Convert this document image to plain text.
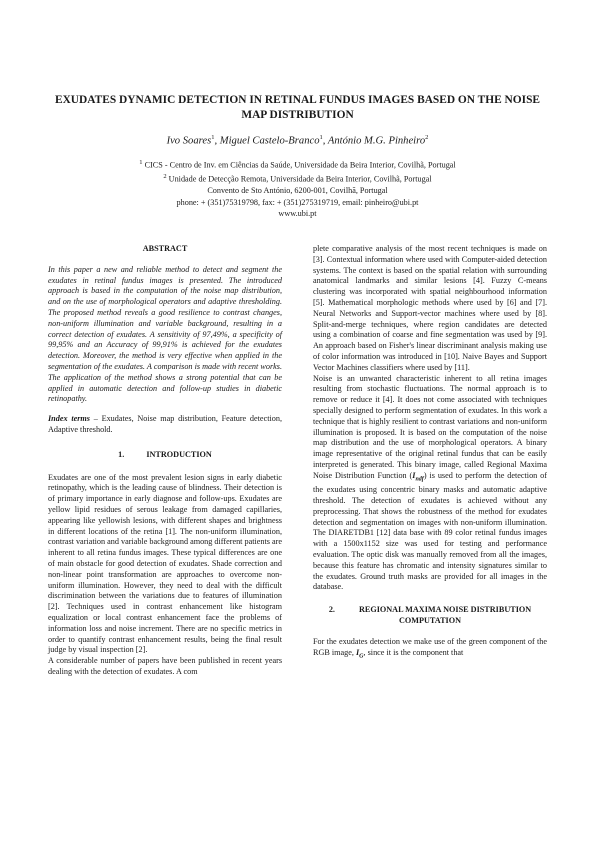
EXUDATES DYNAMIC DETECTION IN RETINAL FUNDUS IMAGES BASED ON THE NOISE MAP DISTRIBUTION
Ivo Soares$^1$, Miguel Castelo-Branco$^1$, António M.G. Pinheiro$^2$
$^1$ CICS - Centro de Inv. em Ciências da Saúde, Universidade da Beira Interior, Covilhã, Portugal
$^2$ Unidade de Detecção Remota, Universidade da Beira Interior, Covilhã, Portugal
Convento de Sto António, 6200-001, Covilhã, Portugal
phone: + (351)75319798, fax: + (351)275319719, email: pinheiro@ubi.pt
www.ubi.pt
ABSTRACT

In this paper a new and reliable method to detect and segment the exudates in retinal fundus images is presented. The introduced approach is based in the computation of the noise map distribution, and on the use of morphological operators and adaptive thresholding. The proposed method reveals a good resilience to contrast changes, non-uniform illumination and variable background, resulting in a correct detection of exudates. A sensitivity of 97,49%, a specificity of 99,95% and an Accuracy of 99,91% is achieved for the exudates detection. Moreover, the method is very effective when applied in the segmentation of the exudates. A comparison is made with recent works. The application of the method shows a strong potential that can be applied in automatic detection and follow-up studies in diabetic retinopathy.

Index terms – Exudates, Noise map distribution, Feature detection, Adaptive threshold.

1.	INTRODUCTION

Exudates are one of the most prevalent lesion signs in early diabetic retinopathy, which is the leading cause of blindness. Their detection is of primary importance in early diagnose and follow-ups. Exudates are yellow lipid residues of serous leakage from damaged capillaries, appearing like yellowish lesions, with different shapes and brightness in different locations of the retina [1]. The non-uniform illumination, contrast variation and variable background among different patients are inherent to all retina fundus images. These typical differences are one of main obstacle for good detection of exudates. Shade correction and non-linear point transformation are approaches to overcome non-uniform illumination. However, they need to deal with the difficult discrimination between the variations due to features of illumination [2]. Techniques used in contrast enhancement like histogram equalization or local contrast enhancement face the problems of information loss and noise increment. There are no specific metrics in order to quantify contrast enhancement results, being the final result judge by visual inspection [2].

A considerable number of papers have been published in recent years dealing with the detection of exudates. A com

plete comparative analysis of the most recent techniques is made on [3]. Contextual information where used with Computer-aided detection systems. The context is based on the spatial relation with surrounding anatomical landmarks and similar lesions [4]. Fuzzy C-means clustering was incorporated with spatial neighbourhood information [5]. Mathematical morphologic methods where used by [6] and [7]. Neural Networks and Support-vector machines where used by [8]. Split-and-merge techniques, where region candidates are detected using a combination of coarse and fine segmentation was used by [9]. An approach based on Fisher's linear discriminant analysis making use of color information was introduced in [10]. Naive Bayes and Support Vector Machines classifiers where used by [11].

Noise is an unwanted characteristic inherent to all retina images resulting from stochastic fluctuations. The normal approach is to remove or reduce it [4]. It does not come associated with techniques specially designed to perform segmentation of exudates. In this work a technique that is highly resilient to contrast variations and non-uniform illumination is proposed. It is based on the computation of the noise map distribution and the use of morphological operators. A binary image representative of the original retinal fundus that can be easily interpreted is generated. This binary image, called Regional Maxima Noise Distribution Function $(I_{ndf})$ is used to perform the detection of the exudates using concentric binary masks and automatic adaptive threshold. The detection of exudates is achieved without any preprocessing. That shows the robustness of the method for exudates detection and segmentation on images with non-uniform illumination. The DIARETDB1 [12] data base with 89 color retinal fundus images with a 1500x1152 size was used for testing and performance evaluation. The optic disk was manually removed from all the images, because this feature has chromatic and intensity signatures similar to the exudates. Ground truth masks are provided for all images in the database.

2.	REGIONAL MAXIMA NOISE DISTRIBUTION COMPUTATION

For the exudates detection we make use of the green component of the RGB image, $I_G$, since it is the component that
